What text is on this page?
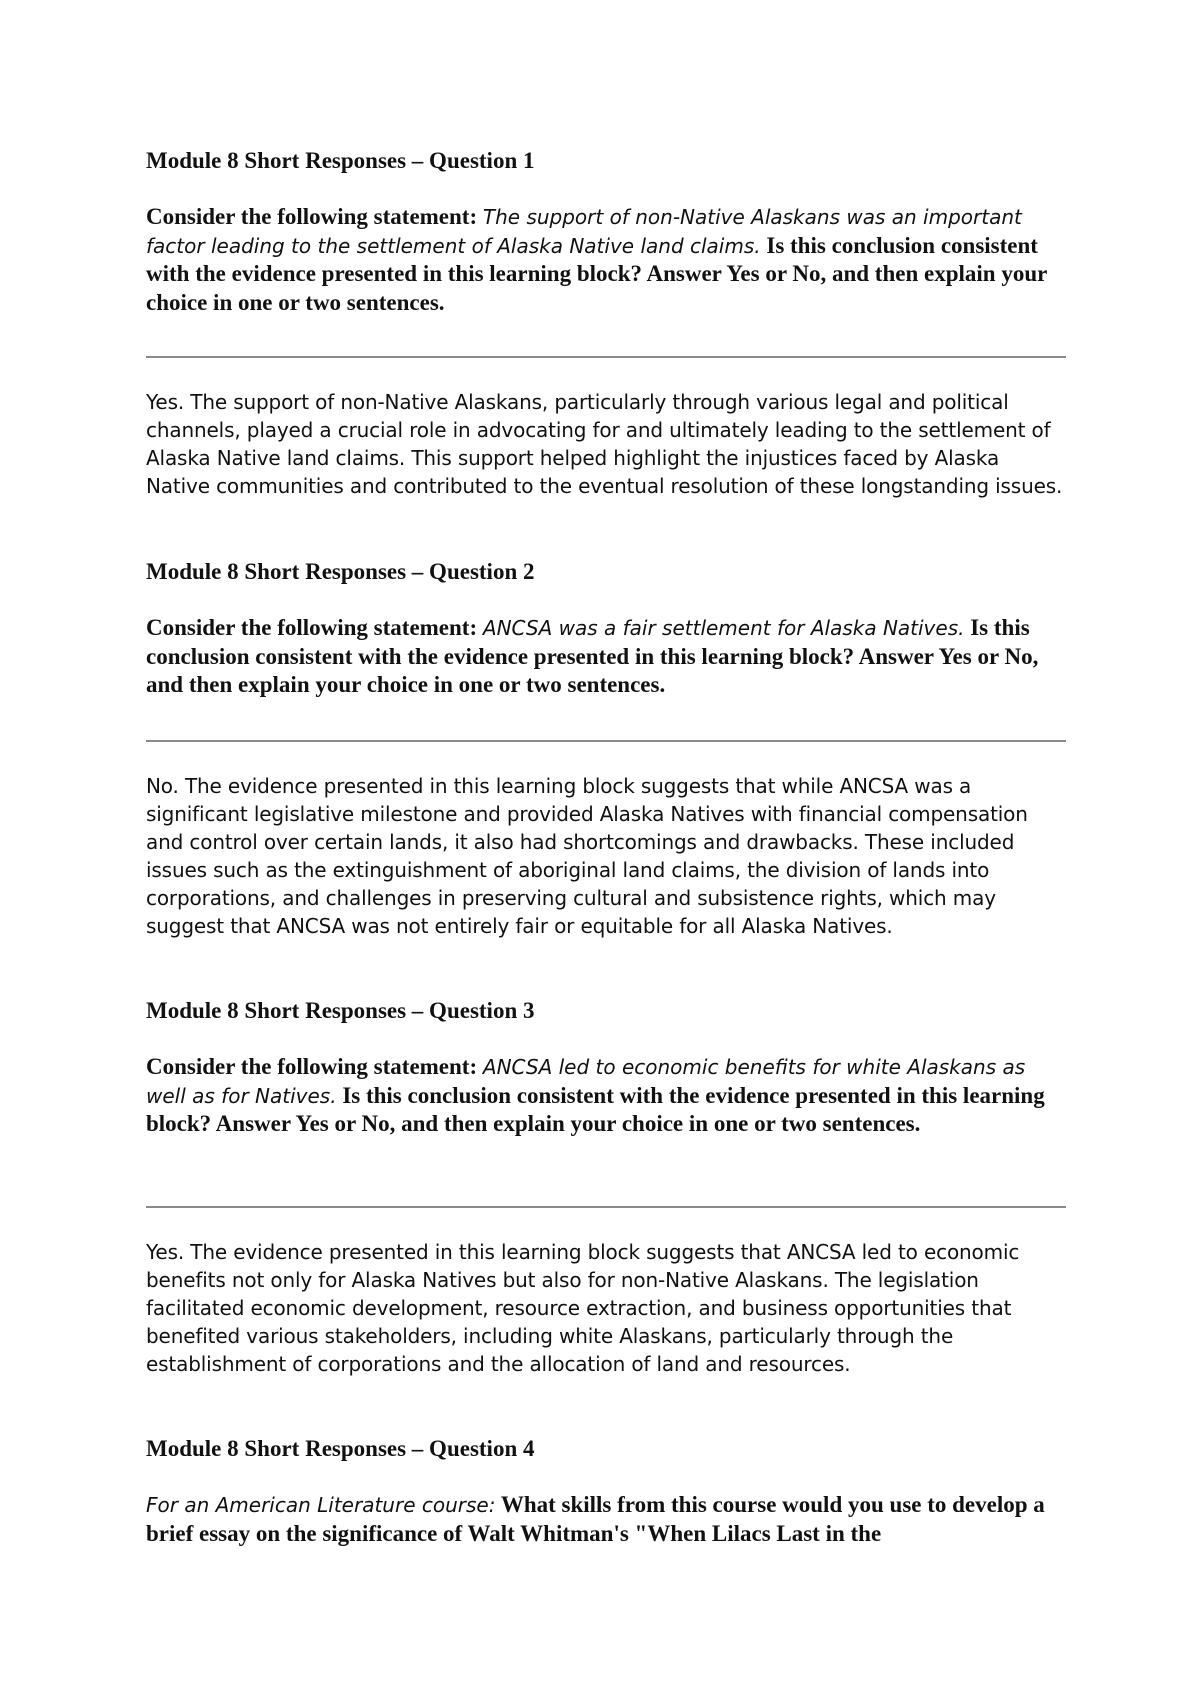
Module 8 Short Responses – Question 1

Consider the following statement: The support of non-Native Alaskans was an important factor leading to the settlement of Alaska Native land claims. Is this conclusion consistent with the evidence presented in this learning block? Answer Yes or No, and then explain your choice in one or two sentences.

Yes. The support of non-Native Alaskans, particularly through various legal and political channels, played a crucial role in advocating for and ultimately leading to the settlement of Alaska Native land claims. This support helped highlight the injustices faced by Alaska Native communities and contributed to the eventual resolution of these longstanding issues.

Module 8 Short Responses – Question 2

Consider the following statement: ANCSA was a fair settlement for Alaska Natives. Is this conclusion consistent with the evidence presented in this learning block? Answer Yes or No, and then explain your choice in one or two sentences.

No. The evidence presented in this learning block suggests that while ANCSA was a significant legislative milestone and provided Alaska Natives with financial compensation and control over certain lands, it also had shortcomings and drawbacks. These included issues such as the extinguishment of aboriginal land claims, the division of lands into corporations, and challenges in preserving cultural and subsistence rights, which may suggest that ANCSA was not entirely fair or equitable for all Alaska Natives.

Module 8 Short Responses – Question 3

Consider the following statement: ANCSA led to economic benefits for white Alaskans as well as for Natives. Is this conclusion consistent with the evidence presented in this learning block? Answer Yes or No, and then explain your choice in one or two sentences.

Yes. The evidence presented in this learning block suggests that ANCSA led to economic benefits not only for Alaska Natives but also for non-Native Alaskans. The legislation facilitated economic development, resource extraction, and business opportunities that benefited various stakeholders, including white Alaskans, particularly through the establishment of corporations and the allocation of land and resources.

Module 8 Short Responses – Question 4

For an American Literature course: What skills from this course would you use to develop a brief essay on the significance of Walt Whitman's "When Lilacs Last in the
